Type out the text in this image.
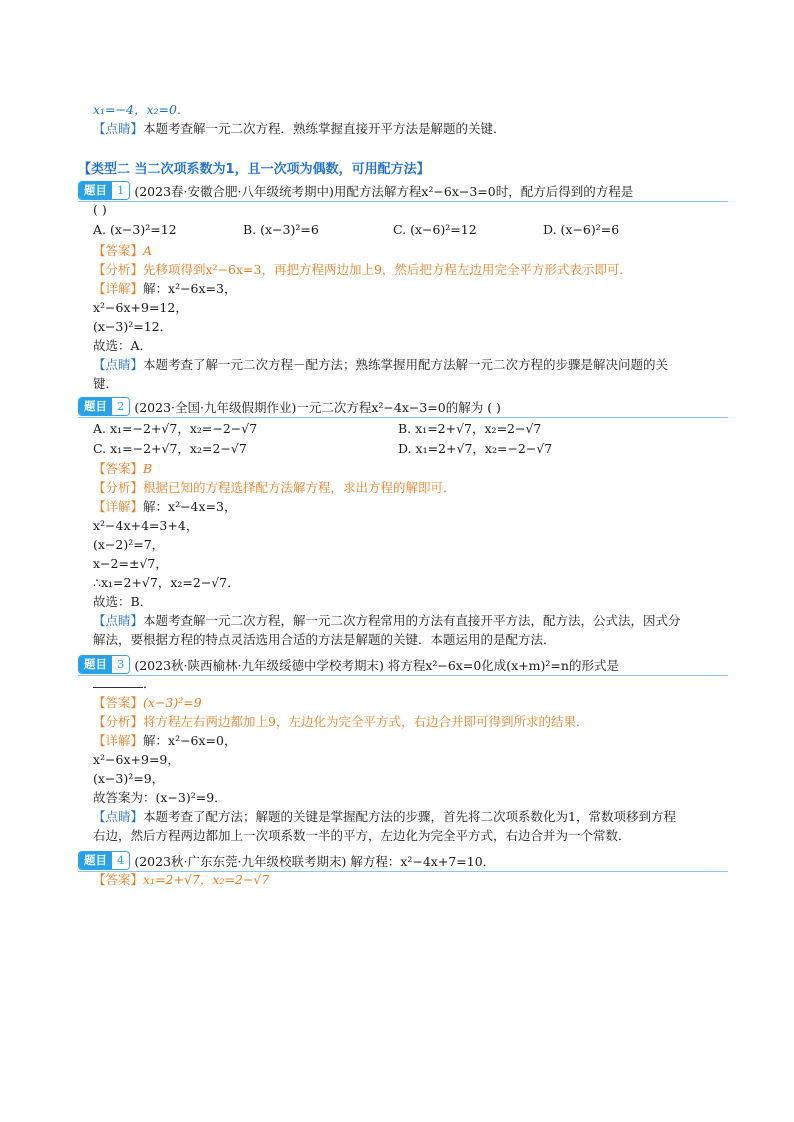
x₁=−4，x₂=0.

【点睛】本题考查解一元二次方程．熟练掌握直接开平方法是解题的关键．

【类型二 当二次项系数为1，且一次项为偶数，可用配方法】
题目 1 (2023春·安徽合肥·八年级统考期中)用配方法解方程x²−6x−3=0时，配方后得到的方程是

( )

A. (x−3)²=12	B. (x−3)²=6	C. (x−6)²=12	D. (x−6)²=6

【答案】A

【分析】先移项得到x²−6x=3，再把方程两边加上9，然后把方程左边用完全平方形式表示即可．

【详解】解：x²−6x=3，

x²−6x+9=12，

(x−3)²=12．

故选：A．

【点睛】本题考查了解一元二次方程－配方法；熟练掌握用配方法解一元二次方程的步骤是解决问题的关

键．

题目 2 (2023·全国·九年级假期作业)一元二次方程x²−4x−3=0的解为 ( )
A. x₁=−2+√7，x₂=−2−√7	B. x₁=2+√7，x₂=2−√7
C. x₁=−2+√7，x₂=2−√7	D. x₁=2+√7，x₂=−2−√7

【答案】B

【分析】根据已知的方程选择配方法解方程，求出方程的解即可．

【详解】解：x²−4x=3，

x²−4x+4=3+4，

(x−2)²=7，

x−2=±√7，

∴x₁=2+√7，x₂=2−√7．

故选：B．

【点睛】本题考查解一元二次方程，解一元二次方程常用的方法有直接开平方法，配方法，公式法，因式分

解法，要根据方程的特点灵活选用合适的方法是解题的关键．本题运用的是配方法．

题目 3 (2023秋·陕西榆林·九年级绥德中学校考期末) 将方程x²−6x=0化成(x+m)²=n的形式是

．

【答案】(x−3)²=9

【分析】将方程左右两边都加上9，左边化为完全平方式，右边合并即可得到所求的结果．

【详解】解：x²−6x=0，

x²−6x+9=9，

(x−3)²=9，

故答案为：(x−3)²=9．

【点睛】本题考查了配方法；解题的关键是掌握配方法的步骤，首先将二次项系数化为1，常数项移到方程

右边，然后方程两边都加上一次项系数一半的平方，左边化为完全平方式，右边合并为一个常数．

题目 4 (2023秋·广东东莞·九年级校联考期末) 解方程：x²−4x+7=10．

【答案】x₁=2+√7，x₂=2−√7
